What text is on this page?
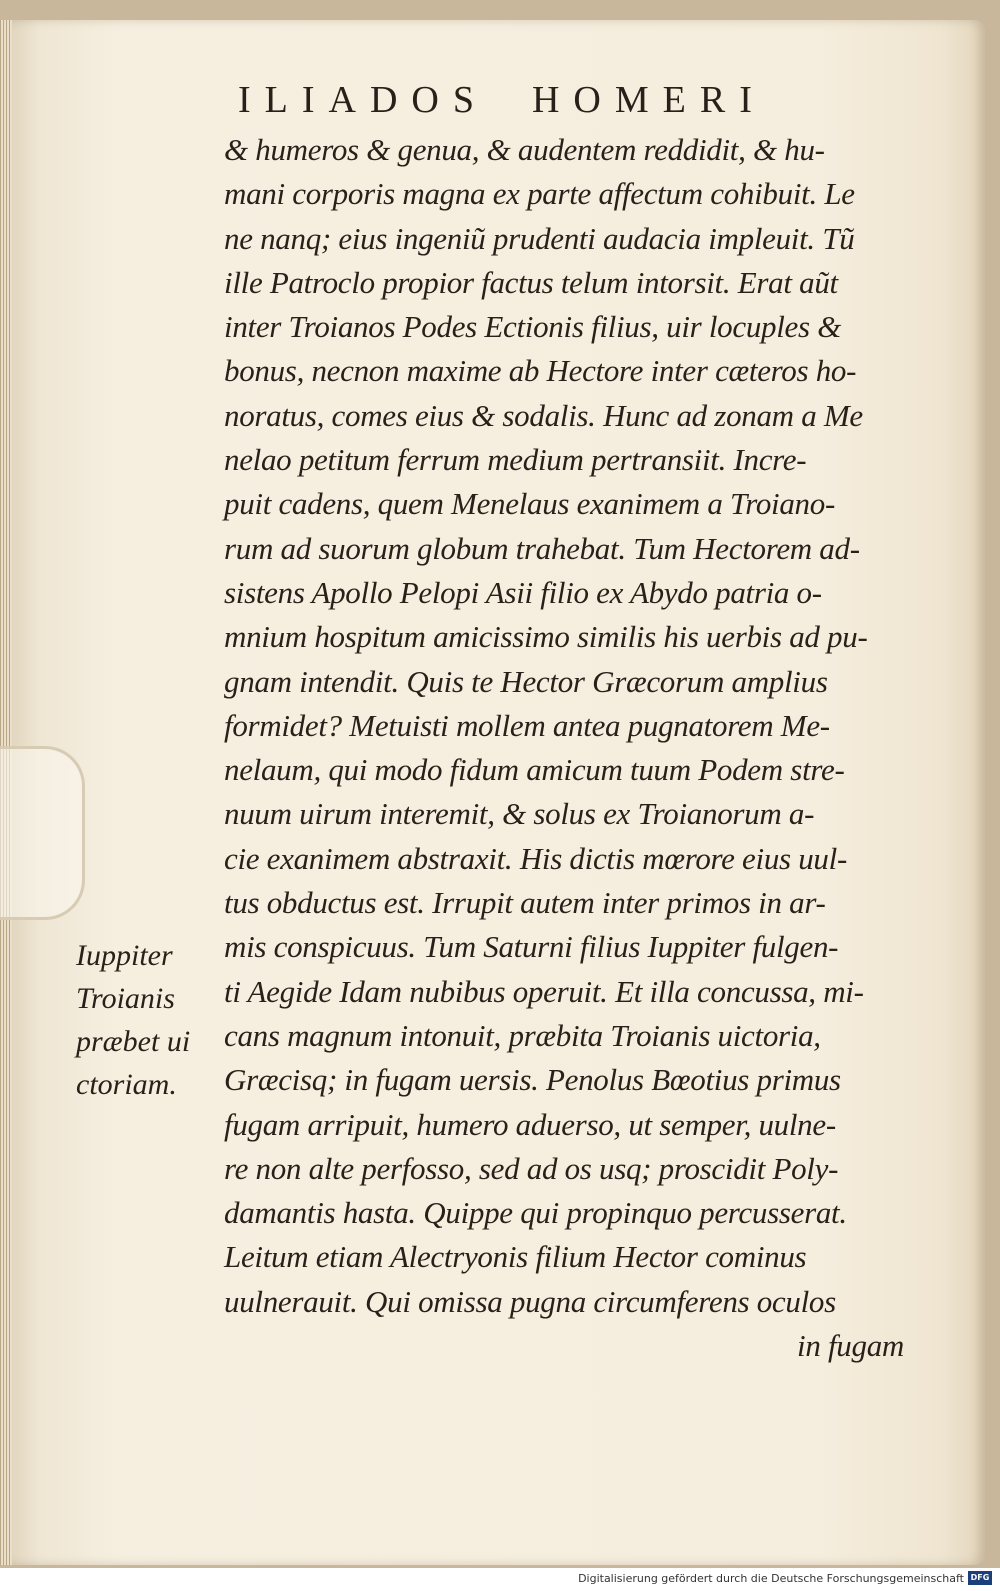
ILIADOS HOMERI
& humeros & genua, & audentem reddidit, & hu-
mani corporis magna ex parte affectum cohibuit. Le
ne nanq; eius ingeniũ prudenti audacia impleuit. Tũ
ille Patroclo propior factus telum intorsit. Erat aũt
inter Troianos Podes Ectionis filius, uir locuples &
bonus, necnon maxime ab Hectore inter cæteros ho-
noratus, comes eius & sodalis. Hunc ad zonam a Me
nelao petitum ferrum medium pertransiit. Incre-
puit cadens, quem Menelaus exanimem a Troiano-
rum ad suorum globum trahebat. Tum Hectorem ad-
sistens Apollo Pelopi Asii filio ex Abydo patria o-
mnium hospitum amicissimo similis his uerbis ad pu-
gnam intendit. Quis te Hector Græcorum amplius
formidet? Metuisti mollem antea pugnatorem Me-
nelaum, qui modo fidum amicum tuum Podem stre-
nuum uirum interemit, & solus ex Troianorum a-
cie exanimem abstraxit. His dictis mœrore eius uul-
tus obductus est. Irrupit autem inter primos in ar-
mis conspicuus. Tum Saturni filius Iuppiter fulgen-
ti Aegide Idam nubibus operuit. Et illa concussa, mi-
cans magnum intonuit, præbita Troianis uictoria,
Græcisq; in fugam uersis. Penolus Bœotius primus
fugam arripuit, humero aduerso, ut semper, uulne-
re non alte perfosso, sed ad os usq; proscidit Poly-
damantis hasta. Quippe qui propinquo percusserat.
Leitum etiam Alectryonis filium Hector cominus
uulnerauit. Qui omissa pugna circumferens oculos
in fugam
Iuppiter
Troianis
præbet ui
ctoriam.
Digitalisierung gefördert durch die Deutsche Forschungsgemeinschaft DFG
